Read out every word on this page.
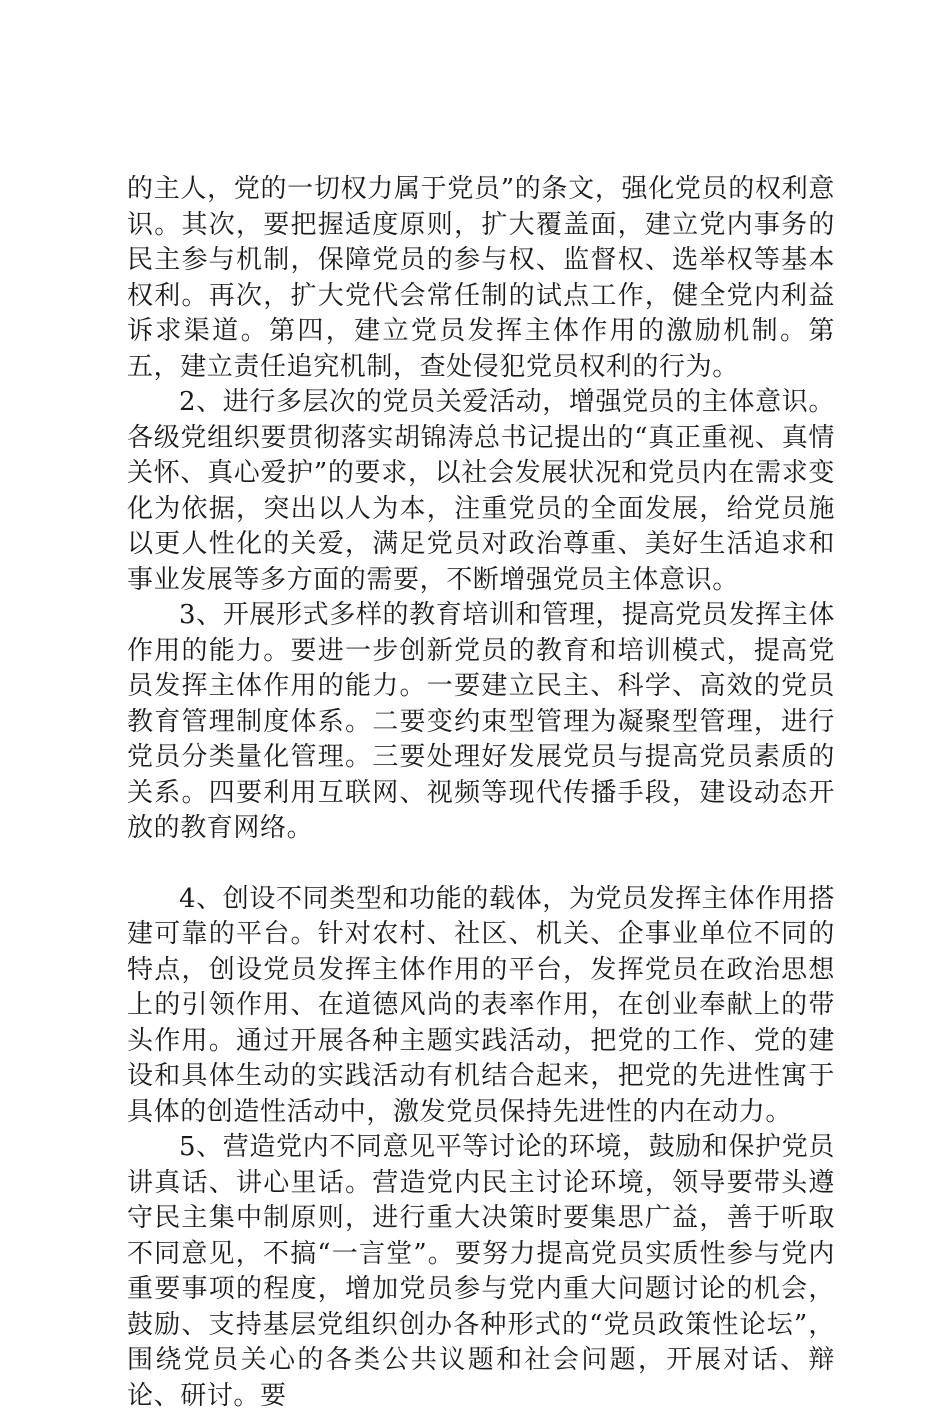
的主人，党的一切权力属于党员”的条文，强化党员的权利意识。其次，要把握适度原则，扩大覆盖面，建立党内事务的民主参与机制，保障党员的参与权、监督权、选举权等基本权利。再次，扩大党代会常任制的试点工作，健全党内利益诉求渠道。第四，建立党员发挥主体作用的激励机制。第五，建立责任追究机制，查处侵犯党员权利的行为。

2、进行多层次的党员关爱活动，增强党员的主体意识。各级党组织要贯彻落实胡锦涛总书记提出的“真正重视、真情关怀、真心爱护”的要求，以社会发展状况和党员内在需求变化为依据，突出以人为本，注重党员的全面发展，给党员施以更人性化的关爱，满足党员对政治尊重、美好生活追求和事业发展等多方面的需要，不断增强党员主体意识。

3、开展形式多样的教育培训和管理，提高党员发挥主体作用的能力。要进一步创新党员的教育和培训模式，提高党员发挥主体作用的能力。一要建立民主、科学、高效的党员教育管理制度体系。二要变约束型管理为凝聚型管理，进行党员分类量化管理。三要处理好发展党员与提高党员素质的关系。四要利用互联网、视频等现代传播手段，建设动态开放的教育网络。

4、创设不同类型和功能的载体，为党员发挥主体作用搭建可靠的平台。针对农村、社区、机关、企事业单位不同的特点，创设党员发挥主体作用的平台，发挥党员在政治思想上的引领作用、在道德风尚的表率作用，在创业奉献上的带头作用。通过开展各种主题实践活动，把党的工作、党的建设和具体生动的实践活动有机结合起来，把党的先进性寓于具体的创造性活动中，激发党员保持先进性的内在动力。

5、营造党内不同意见平等讨论的环境，鼓励和保护党员讲真话、讲心里话。营造党内民主讨论环境，领导要带头遵守民主集中制原则，进行重大决策时要集思广益，善于听取不同意见，不搞“一言堂”。要努力提高党员实质性参与党内重要事项的程度，增加党员参与党内重大问题讨论的机会，鼓励、支持基层党组织创办各种形式的“党员政策性论坛”，围绕党员关心的各类公共议题和社会问题，开展对话、辩论、研讨。要
